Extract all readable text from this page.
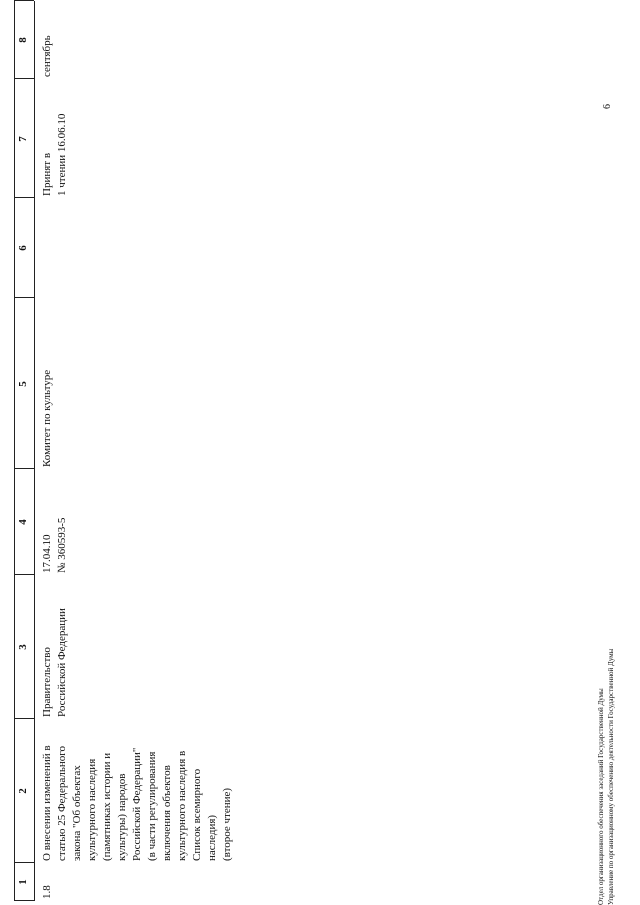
1
2
3
4
5
6
7
8
1.8
О внесении изменений в
статью 25 Федерального
закона "Об объектах
культурного наследия
(памятниках истории и
культуры) народов
Российской Федерации"
(в части регулирования
включения объектов
культурного наследия в
Список всемирного
наследия)
(второе чтение)
Правительство
Российской Федерации
17.04.10
№ 360593-5
Комитет по культуре
Принят в
1 чтении 16.06.10
сентябрь
Отдел организационного обеспечения заседаний Государственной Думы Управление по организационному обеспечению деятельности Государственной Думы
6
